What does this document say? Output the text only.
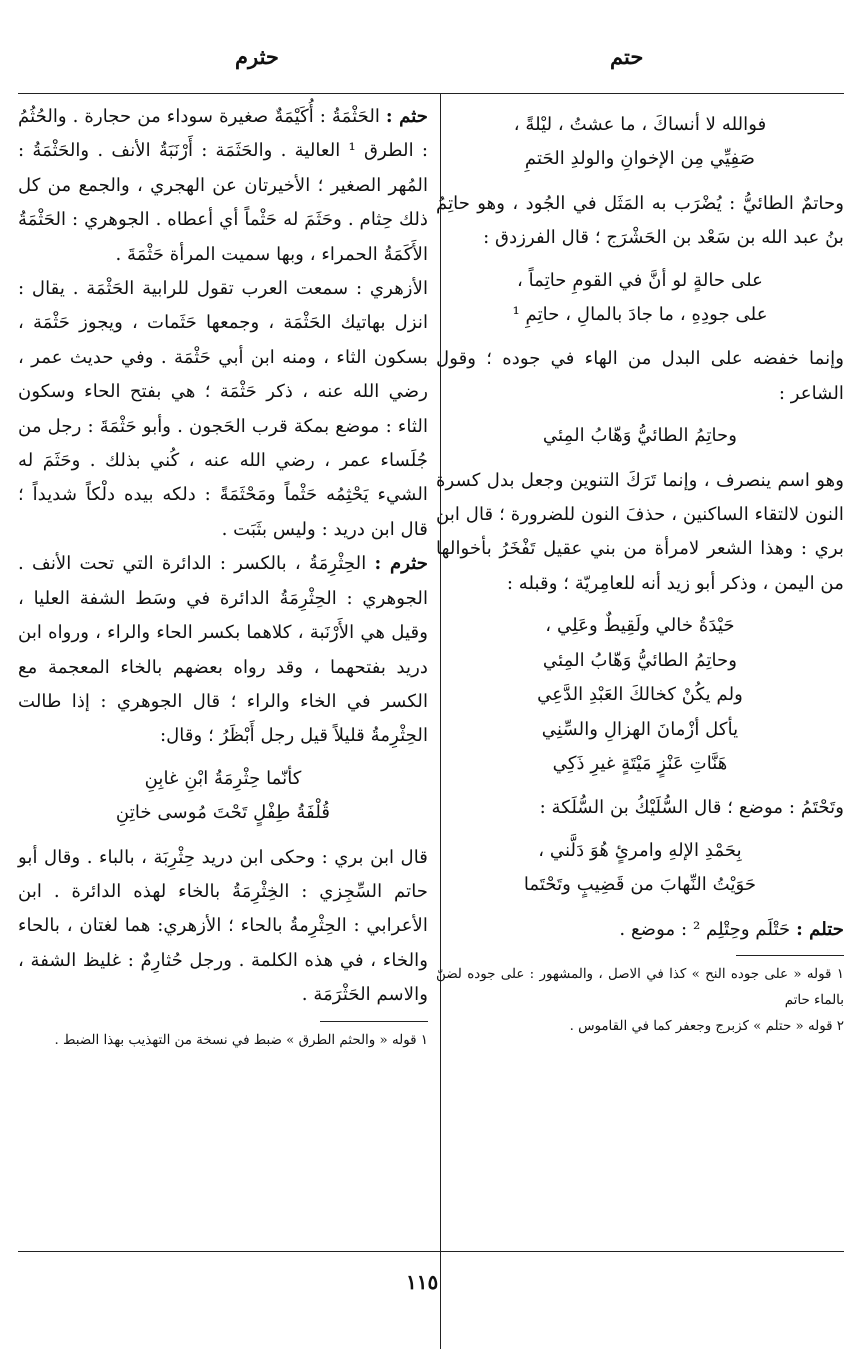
حتم
حثرم

فوالله لا أنساكَ ، ما عشتُ ، ليْلةً ،

صَفِيِّي مِن الإخوانِ والولدِ الحَتمِ

وحاتمٌ الطائيُّ : يُضْرَب به المَثَل في الجُود ، وهو حاتِمُ بنُ عبد الله بن سَعْد بن الحَشْرَج ؛ قال الفرزدق :

على حالةٍ لو أنَّ في القومِ حاتِماً ،

على جودِهِ ، ما جادَ بالمالِ ، حاتِمِ ¹

وإنما خفضه على البدل من الهاء في جوده ؛ وقول الشاعر :

وحاتِمُ الطائيُّ وَهّابُ المِئي

وهو اسم ينصرف ، وإنما تَرَكَ التنوين وجعل بدل كسرة النون لالتقاء الساكنين ، حذفَ النون للضرورة ؛ قال ابن بري : وهذا الشعر لامرأة من بني عقيل تَفْخَرُ بأخوالها من اليمن ، وذكر أبو زيد أنه للعامِريّة ؛ وقبله :

حَيْدَةُ خالي ولَقِيطٌ وعَلِي ،

وحاتِمُ الطائيُّ وَهّابُ المِئي

ولم يكُنْ كخالكَ العَبْدِ الدَّعِي

يأكل أزْمانَ الهزالِ والسِّنِي

هَنَّاتِ عَنْزٍ مَيْتَةٍ غيرِ ذَكِي

وتَحْتَمُ : موضع ؛ قال السُّلَيْكُ بن السُّلَكة :

بِحَمْدِ الإلهِ وامرئٍ هُوَ دَلَّني ،

حَوَيْتُ النِّهابَ من قَضِيبٍ وتَحْتَما

حتلم : حَتْلَم وحِتْلِم ² : موضع .

١ قوله « على جوده النح » كذا في الاصل ، والمشهور : على جوده لضنّ بالماء حاتم

٢ قوله « حتلم » كزبرج وجعفر كما في القاموس .

حثم : الحَثْمَةُ : أُكَيْمَةٌ صغيرة سوداء من حجارة . والحُثُمُ : الطرق ¹ العالية . والحَثَمَة : أَرْنَبَةُ الأنف . والحَثْمَةُ : المُهر الصغير ؛ الأخيرتان عن الهجري ، والجمع من كل ذلك حِثام . وحَثَمَ له حَثْماً أي أعطاه . الجوهري : الحَثْمَةُ الأَكَمَةُ الحمراء ، وبها سميت المرأة حَثْمَةَ .

الأزهري : سمعت العرب تقول للرابية الحَثْمَة . يقال : انزل بهاتيك الحَثْمَة ، وجمعها حَثَمات ، ويجوز حَثْمَة ، بسكون الثاء ، ومنه ابن أبي حَثْمَة . وفي حديث عمر ، رضي الله عنه ، ذكر حَثْمَة ؛ هي بفتح الحاء وسكون الثاء : موضع بمكة قرب الحَجون . وأبو حَثْمَةَ : رجل من جُلَساء عمر ، رضي الله عنه ، كُني بذلك . وحَثَمَ له الشيء يَحْثِمُه حَثْماً ومَحْثَمَةً : دلكه بيده دلْكاً شديداً ؛ قال ابن دريد : وليس بثَبَت .

حثرم : الحِثْرِمَةُ ، بالكسر : الدائرة التي تحت الأنف . الجوهري : الحِثْرِمَةُ الدائرة في وسَط الشفة العليا ، وقيل هي الأَرْنَبة ، كلاهما بكسر الحاء والراء ، ورواه ابن دريد بفتحهما ، وقد رواه بعضهم بالخاء المعجمة مع الكسر في الخاء والراء ؛ قال الجوهري : إذا طالت الحِثْرِمةُ قليلاً قيل رجل أَبْظَرُ ؛ وقال:

كأنّما حِثْرِمَةُ ابْنِ غابِنِ

قُلْفَةُ طِفْلٍ تَحْتَ مُوسى خاتِنِ

قال ابن بري : وحكى ابن دريد حِثْرِبَة ، بالباء . وقال أبو حاتم السِّجِزي : الخِثْرِمَةُ بالخاء لهذه الدائرة . ابن الأعرابي : الحِثْرِمةُ بالحاء ؛ الأزهري: هما لغتان ، بالحاء والخاء ، في هذه الكلمة . ورجل حُثارِمٌ : غليظ الشفة ، والاسم الحَثْرَمَة .

١ قوله « والحثم الطرق » ضبط في نسخة من التهذيب بهذا الضبط .

١١٥
